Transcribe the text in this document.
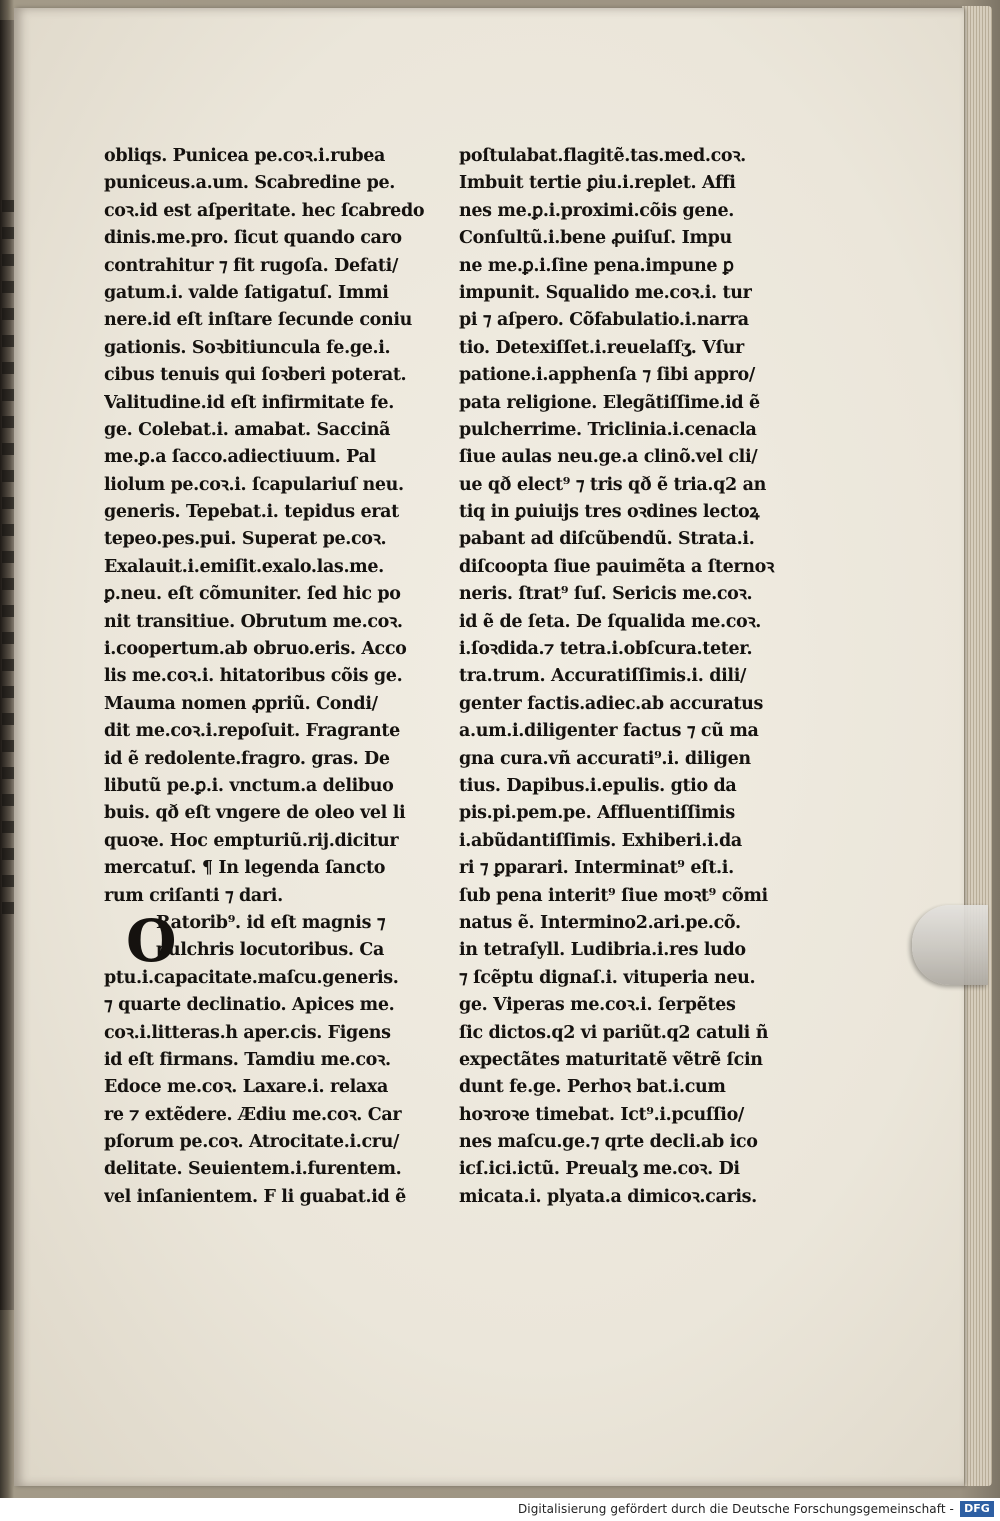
obliqs. Punicea pe.coꝛ.i.rubea
puniceus.a.um. Scabredine pe.
coꝛ.id est aſperitate. hec ſcabredo
dinis.me.pro. ſicut quando caro
contrahitur ⁊ fit rugoſa. Defati/
gatum.i. valde ſatigatuſ. Immi
nere.id eſt inſtare ſecunde coniu
gationis. Soꝛbitiuncula fe.ge.i.
cibus tenuis qui ſoꝛberi poterat.
Valitudine.id eſt infirmitate fe.
ge. Colebat.i. amabat. Saccinã
me.ꝑ.a ſacco.adiectiuum. Pal
liolum pe.coꝛ.i. ſcapulariuſ neu.
generis. Tepebat.i. tepidus erat
tepeo.pes.pui. Superat pe.coꝛ.
Exalauit.i.emiſit.exalo.las.me.
ꝑ.neu. eſt cõmuniter. ſed hic po
nit transitiue. Obrutum me.coꝛ.
i.coopertum.ab obruo.eris. Acco
lis me.coꝛ.i. hitatoribus cõis ge.
Mauma nomen ꝓpriũ. Condi/
dit me.coꝛ.i.repoſuit. Fragrante
id ẽ redolente.fragro. gras. De
libutũ pe.ꝑ.i. vnctum.a delibuo
buis. qð eſt vngere de oleo vel li
quoꝛe. Hoc empturiũ.rij.dicitur
mercatuſ. ¶ In legenda ſancto
rum criſanti ⁊ dari.
O
Ratorib⁹. id eſt magnis ⁊
pulchris locutoribus. Ca
ptu.i.capacitate.maſcu.generis.
⁊ quarte declinatio. Apices me.
coꝛ.i.litteras.h aper.cis. Figens
id eſt firmans. Tamdiu me.coꝛ.
Edoce me.coꝛ. Laxare.i. relaxa
re ⁊ extẽdere. Ædiu me.coꝛ. Car
pſorum pe.coꝛ. Atrocitate.i.cru/
delitate. Seuientem.i.furentem.
vel inſanientem. F li guabat.id ẽ
poſtulabat.flagitẽ.tas.med.coꝛ.
Imbuit tertie ꝑiu.i.replet. Affi
nes me.ꝑ.i.proximi.cõis gene.
Conſultũ.i.bene ꝓuiſuſ. Impu
ne me.ꝑ.i.ſine pena.impune ꝑ
impunit. Squalido me.coꝛ.i. tur
pi ⁊ aſpero. Cõfabulatio.i.narra
tio. Detexiſſet.i.reuelaſſʒ. Vſur
patione.i.apphenſa ⁊ ſibi appro/
pata religione. Elegãtiſſime.id ẽ
pulcherrime. Triclinia.i.cenacla
ſiue aulas neu.ge.a clinõ.vel cli/
ue qð elect⁹ ⁊ tris qð ẽ tria.q2 an
tiq in ꝑuiuijs tres oꝛdines lectoꝝ
pabant ad diſcũbendũ. Strata.i.
diſcoopta ſiue pauimẽta a ſternoꝛ
neris. ſtrat⁹ ſuſ. Sericis me.coꝛ.
id ẽ de ſeta. De ſqualida me.coꝛ.
i.ſoꝛdida.⁊ tetra.i.obſcura.teter.
tra.trum. Accuratiſſimis.i. dili/
genter factis.adiec.ab accuratus
a.um.i.diligenter factus ⁊ cũ ma
gna cura.vñ accurati⁹.i. diligen
tius. Dapibus.i.epulis. gtio da
pis.pi.pem.pe. Affluentiſſimis
i.abũdantiſſimis. Exhiberi.i.da
ri ⁊ ꝑparari. Interminat⁹ eſt.i.
ſub pena interit⁹ ſiue moꝛt⁹ cõmi
natus ẽ. Intermino2.ari.pe.cõ.
in tetraſyll. Ludibria.i.res ludo
⁊ ſcẽptu dignaſ.i. vituperia neu.
ge. Viperas me.coꝛ.i. ſerpẽtes
ſic dictos.q2 vi pariũt.q2 catuli ñ
expectãtes maturitatẽ vẽtrẽ ſcin
dunt fe.ge. Perhoꝛ bat.i.cum
hoꝛroꝛe timebat. Ict⁹.i.pcuſſio/
nes maſcu.ge.⁊ qrte decli.ab ico
icſ.ici.ictũ. Preualʒ me.coꝛ. Di
micata.i. plyata.a dimicoꝛ.caris.
Digitalisierung gefördert durch die Deutsche Forschungsgemeinschaft - DFG
